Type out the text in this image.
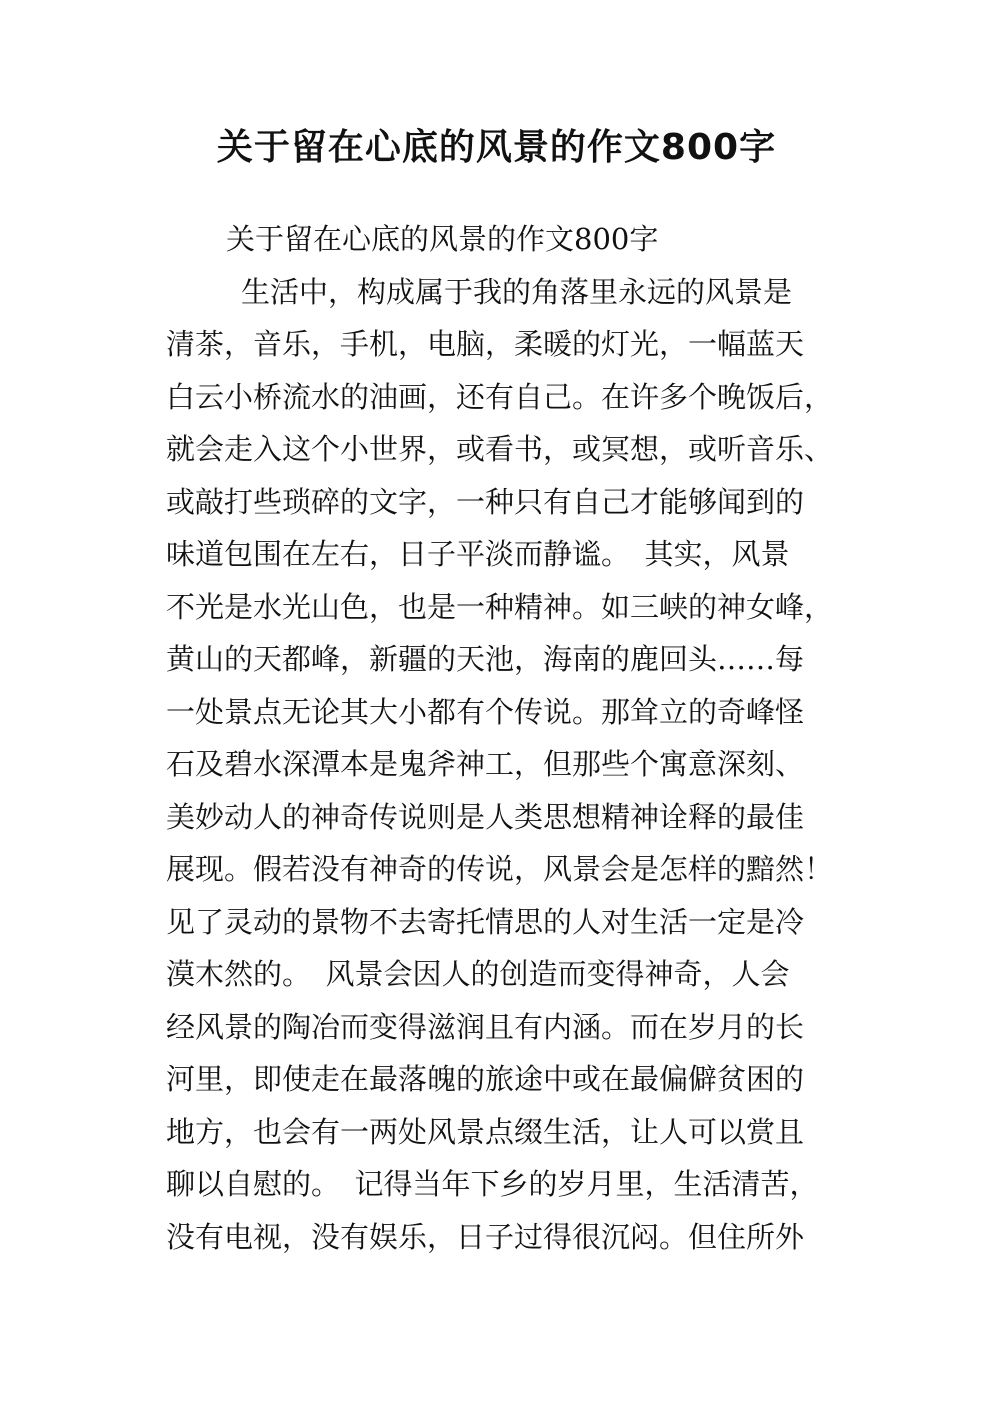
关于留在心底的风景的作文800字
关于留在心底的风景的作文800字
生活中，构成属于我的角落里永远的风景是
清茶，音乐，手机，电脑，柔暖的灯光，一幅蓝天
白云小桥流水的油画，还有自己。在许多个晚饭后，
就会走入这个小世界，或看书，或冥想，或听音乐、
或敲打些琐碎的文字，一种只有自己才能够闻到的
味道包围在左右，日子平淡而静谧。　其实，风景
不光是水光山色，也是一种精神。如三峡的神女峰，
黄山的天都峰，新疆的天池，海南的鹿回头……每
一处景点无论其大小都有个传说。那耸立的奇峰怪
石及碧水深潭本是鬼斧神工，但那些个寓意深刻、
美妙动人的神奇传说则是人类思想精神诠释的最佳
展现。假若没有神奇的传说，风景会是怎样的黯然！
见了灵动的景物不去寄托情思的人对生活一定是冷
漠木然的。　风景会因人的创造而变得神奇，人会
经风景的陶冶而变得滋润且有内涵。而在岁月的长
河里，即使走在最落魄的旅途中或在最偏僻贫困的
地方，也会有一两处风景点缀生活，让人可以赏且
聊以自慰的。　记得当年下乡的岁月里，生活清苦，
没有电视，没有娱乐，日子过得很沉闷。但住所外
